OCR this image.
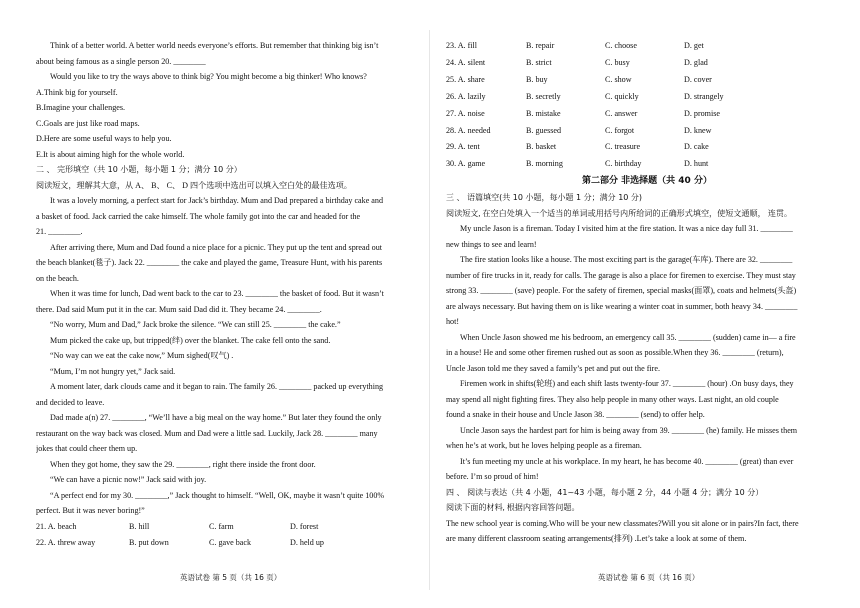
Think of a better world. A better world needs everyone’s efforts. But remember that thinking big isn’t
about being famous as a single person 20. ________
Would you like to try the ways above to think big? You might become a big thinker! Who knows?
A.Think big for yourself.
B.Imagine your challenges.
C.Goals are just like road maps.
D.Here are some useful ways to help you.
E.It is about aiming high for the whole world.
二 、 完形填空（共 10 小题，每小题 1 分；满分 10 分）
阅读短文，理解其大意，从 A、 B、 C、 D 四个选项中选出可以填入空白处的最佳选项。
It was a lovely morning, a perfect start for Jack’s birthday. Mum and Dad prepared a birthday cake and
a basket of food. Jack carried the cake himself. The whole family got into the car and headed for the
21. ________.
After arriving there, Mum and Dad found a nice place for a picnic. They put up the tent and spread out
the beach blanket(毯子). Jack 22. ________ the cake and played the game, Treasure Hunt, with his parents
on the beach.
When it was time for lunch, Dad went back to the car to 23. ________ the basket of food. But it wasn’t
there. Dad said Mum put it in the car. Mum said Dad did it. They became 24. ________.
“No worry, Mum and Dad,” Jack broke the silence. “We can still 25. ________ the cake.”
Mum picked the cake up, but tripped(绊) over the blanket. The cake fell onto the sand.
“No way can we eat the cake now,” Mum sighed(叹气) .
“Mum, I’m not hungry yet,” Jack said.
A moment later, dark clouds came and it began to rain. The family 26. ________ packed up everything
and decided to leave.
Dad made a(n) 27. ________, “We’ll have a big meal on the way home.” But later they found the only
restaurant on the way back was closed. Mum and Dad were a little sad. Luckily, Jack 28. ________ many
jokes that could cheer them up.
When they got home, they saw the 29. ________, right there inside the front door.
“We can have a picnic now!” Jack said with joy.
“A perfect end for my 30. ________,” Jack thought to himself. “Well, OK, maybe it wasn’t quite 100%
perfect. But it was never boring!”
21. A. beach	B. hill	C. farm	D. forest
22. A. threw away	B. put down	C. gave back	D. held up
英语试卷 第 5 页（共 16 页）
23. A. fill	B. repair	C. choose	D. get
24. A. silent	B. strict	C. busy	D. glad
25. A. share	B. buy	C. show	D. cover
26. A. lazily	B. secretly	C. quickly	D. strangely
27. A. noise	B. mistake	C. answer	D. promise
28. A. needed	B. guessed	C. forgot	D. knew
29. A. tent	B. basket	C. treasure	D. cake
30. A. game	B. morning	C. birthday	D. hunt
第二部分 非选择题（共 40 分）
三 、 语篇填空(共 10 小题，每小题 1 分；满分 10 分)
阅读短文, 在空白处填入一个适当的单词或用括号内所给词的正确形式填空，使短文通顺， 连贯。
My uncle Jason is a fireman. Today I visited him at the fire station. It was a nice day full 31. ________
new things to see and learn!
The fire station looks like a house. The most exciting part is the garage(车库). There are 32. ________
number of fire trucks in it, ready for calls. The garage is also a place for firemen to exercise. They must stay
strong 33. ________ (save) people. For the safety of firemen, special masks(面罩), coats and helmets(头盔)
are always necessary. But having them on is like wearing a winter coat in summer, both heavy 34. ________
hot!
When Uncle Jason showed me his bedroom, an emergency call 35. ________ (sudden) came in— a fire
in a house! He and some other firemen rushed out as soon as possible.When they 36. ________ (return),
Uncle Jason told me they saved a family’s pet and put out the fire.
Firemen work in shifts(轮班) and each shift lasts twenty-four 37. ________ (hour) .On busy days, they
may spend all night fighting fires. They also help people in many other ways. Last night, an old couple
found a snake in their house and Uncle Jason 38. ________ (send) to offer help.
Uncle Jason says the hardest part for him is being away from 39. ________ (he) family. He misses them
when he’s at work, but he loves helping people as a fireman.
It’s fun meeting my uncle at his workplace. In my heart, he has become 40. ________ (great) than ever
before. I’m so proud of him!
四 、 阅读与表达（共 4 小题，41~43 小题，每小题 2 分，44 小题 4 分；满分 10 分）
阅读下面的材料, 根据内容回答问题。
The new school year is coming.Who will be your new classmates?Will you sit alone or in pairs?In fact, there
are many different classroom seating arrangements(排列) .Let’s take a look at some of them.
英语试卷 第 6 页（共 16 页）
